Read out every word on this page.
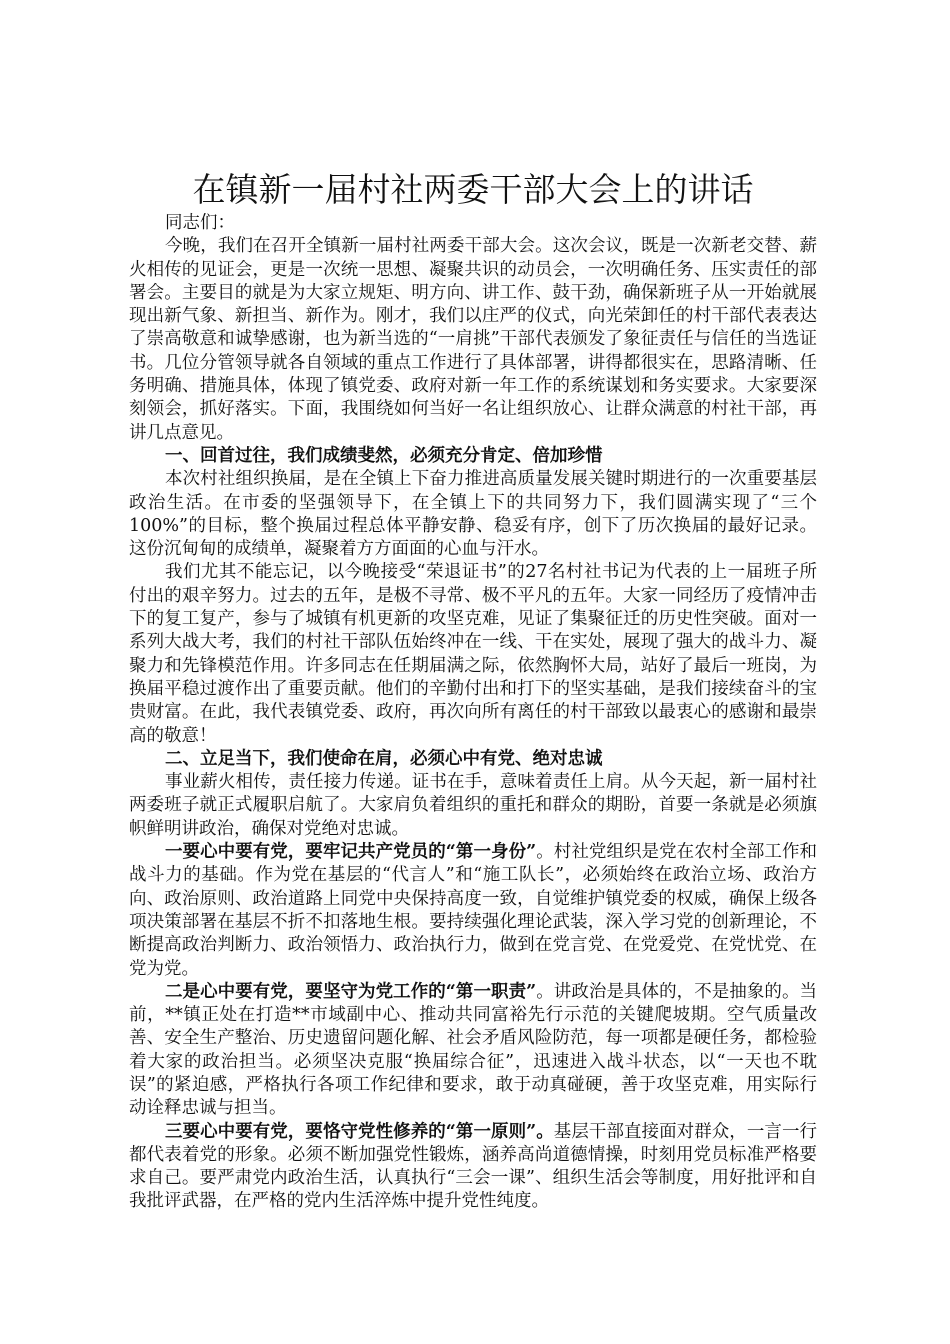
在镇新一届村社两委干部大会上的讲话

同志们：

今晚，我们在召开全镇新一届村社两委干部大会。这次会议，既是一次新老交替、薪火相传的见证会，更是一次统一思想、凝聚共识的动员会，一次明确任务、压实责任的部署会。主要目的就是为大家立规矩、明方向、讲工作、鼓干劲，确保新班子从一开始就展现出新气象、新担当、新作为。刚才，我们以庄严的仪式，向光荣卸任的村干部代表表达了崇高敬意和诚挚感谢，也为新当选的“一肩挑”干部代表颁发了象征责任与信任的当选证书。几位分管领导就各自领域的重点工作进行了具体部署，讲得都很实在，思路清晰、任务明确、措施具体，体现了镇党委、政府对新一年工作的系统谋划和务实要求。大家要深刻领会，抓好落实。下面，我围绕如何当好一名让组织放心、让群众满意的村社干部，再讲几点意见。

一、回首过往，我们成绩斐然，必须充分肯定、倍加珍惜

本次村社组织换届，是在全镇上下奋力推进高质量发展关键时期进行的一次重要基层政治生活。在市委的坚强领导下，在全镇上下的共同努力下，我们圆满实现了“三个100%”的目标，整个换届过程总体平静安静、稳妥有序，创下了历次换届的最好记录。这份沉甸甸的成绩单，凝聚着方方面面的心血与汗水。

我们尤其不能忘记，以今晚接受“荣退证书”的27名村社书记为代表的上一届班子所付出的艰辛努力。过去的五年，是极不寻常、极不平凡的五年。大家一同经历了疫情冲击下的复工复产，参与了城镇有机更新的攻坚克难，见证了集聚征迁的历史性突破。面对一系列大战大考，我们的村社干部队伍始终冲在一线、干在实处，展现了强大的战斗力、凝聚力和先锋模范作用。许多同志在任期届满之际，依然胸怀大局，站好了最后一班岗，为换届平稳过渡作出了重要贡献。他们的辛勤付出和打下的坚实基础，是我们接续奋斗的宝贵财富。在此，我代表镇党委、政府，再次向所有离任的村干部致以最衷心的感谢和最崇高的敬意！

二、立足当下，我们使命在肩，必须心中有党、绝对忠诚

事业薪火相传，责任接力传递。证书在手，意味着责任上肩。从今天起，新一届村社两委班子就正式履职启航了。大家肩负着组织的重托和群众的期盼，首要一条就是必须旗帜鲜明讲政治，确保对党绝对忠诚。

一要心中要有党，要牢记共产党员的“第一身份”。村社党组织是党在农村全部工作和战斗力的基础。作为党在基层的“代言人”和“施工队长”，必须始终在政治立场、政治方向、政治原则、政治道路上同党中央保持高度一致，自觉维护镇党委的权威，确保上级各项决策部署在基层不折不扣落地生根。要持续强化理论武装，深入学习党的创新理论，不断提高政治判断力、政治领悟力、政治执行力，做到在党言党、在党爱党、在党忧党、在党为党。

二是心中要有党，要坚守为党工作的“第一职责”。讲政治是具体的，不是抽象的。当前，**镇正处在打造**市域副中心、推动共同富裕先行示范的关键爬坡期。空气质量改善、安全生产整治、历史遗留问题化解、社会矛盾风险防范，每一项都是硬任务，都检验着大家的政治担当。必须坚决克服“换届综合征”，迅速进入战斗状态，以“一天也不耽误”的紧迫感，严格执行各项工作纪律和要求，敢于动真碰硬，善于攻坚克难，用实际行动诠释忠诚与担当。

三要心中要有党，要恪守党性修养的“第一原则”。基层干部直接面对群众，一言一行都代表着党的形象。必须不断加强党性锻炼，涵养高尚道德情操，时刻用党员标准严格要求自己。要严肃党内政治生活，认真执行“三会一课”、组织生活会等制度，用好批评和自我批评武器，在严格的党内生活淬炼中提升党性纯度。
